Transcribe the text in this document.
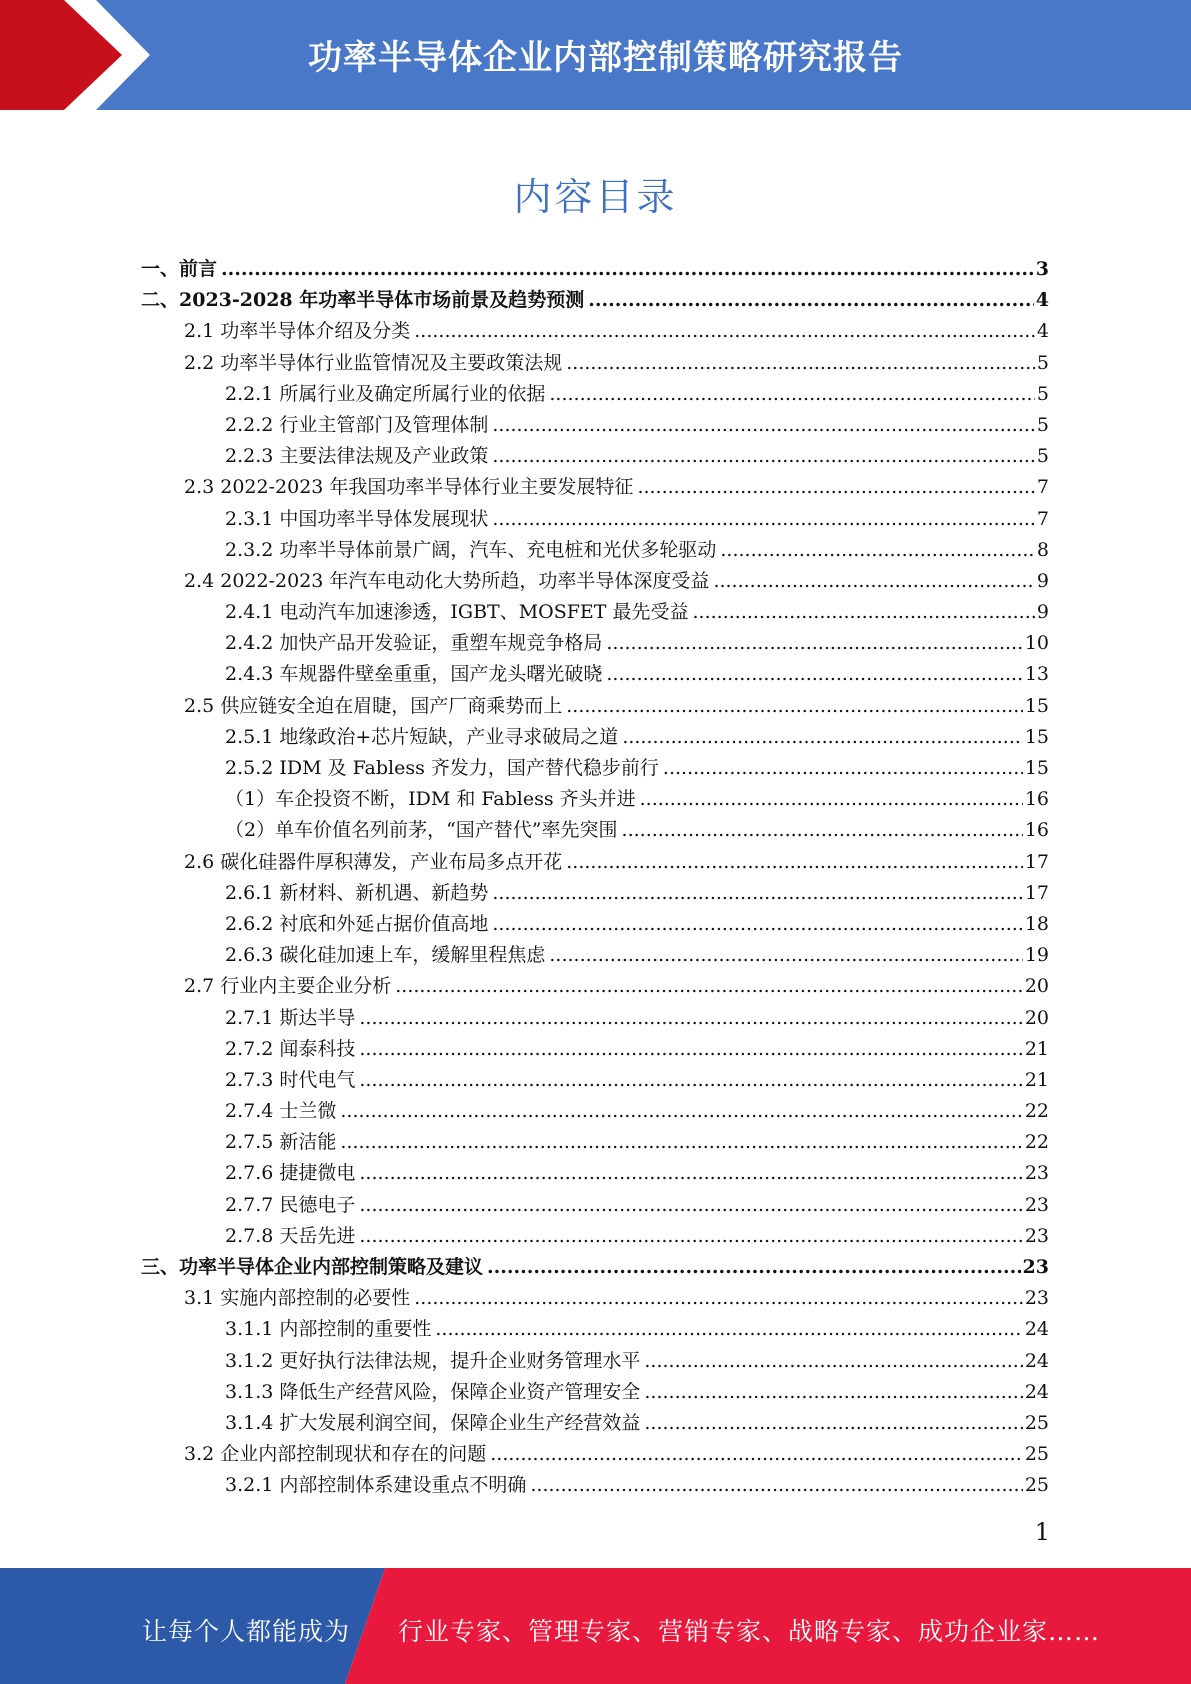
功率半导体企业内部控制策略研究报告
内容目录
一、前言 .....	3
二、2023-2028 年功率半导体市场前景及趋势预测 .....	4
2.1 功率半导体介绍及分类 .....	4
2.2 功率半导体行业监管情况及主要政策法规 .....	5
2.2.1 所属行业及确定所属行业的依据 .....	5
2.2.2 行业主管部门及管理体制 .....	5
2.2.3 主要法律法规及产业政策 .....	5
2.3 2022-2023 年我国功率半导体行业主要发展特征 .....	7
2.3.1 中国功率半导体发展现状 .....	7
2.3.2 功率半导体前景广阔，汽车、充电桩和光伏多轮驱动 .....	8
2.4 2022-2023 年汽车电动化大势所趋，功率半导体深度受益 .....	9
2.4.1 电动汽车加速渗透，IGBT、MOSFET 最先受益 .....	9
2.4.2 加快产品开发验证，重塑车规竞争格局 .....	10
2.4.3 车规器件壁垒重重，国产龙头曙光破晓 .....	13
2.5 供应链安全迫在眉睫，国产厂商乘势而上 .....	15
2.5.1 地缘政治+芯片短缺，产业寻求破局之道 .....	15
2.5.2 IDM 及 Fabless 齐发力，国产替代稳步前行 .....	15
（1）车企投资不断，IDM 和 Fabless 齐头并进 .....	16
（2）单车价值名列前茅，“国产替代”率先突围 .....	16
2.6 碳化硅器件厚积薄发，产业布局多点开花 .....	17
2.6.1 新材料、新机遇、新趋势 .....	17
2.6.2 衬底和外延占据价值高地 .....	18
2.6.3 碳化硅加速上车，缓解里程焦虑 .....	19
2.7 行业内主要企业分析 .....	20
2.7.1 斯达半导 .....	20
2.7.2 闻泰科技 .....	21
2.7.3 时代电气 .....	21
2.7.4 士兰微 .....	22
2.7.5 新洁能 .....	22
2.7.6 捷捷微电 .....	23
2.7.7 民德电子 .....	23
2.7.8 天岳先进 .....	23
三、功率半导体企业内部控制策略及建议 .....	23
3.1 实施内部控制的必要性 .....	23
3.1.1 内部控制的重要性 .....	24
3.1.2 更好执行法律法规，提升企业财务管理水平 .....	24
3.1.3 降低生产经营风险，保障企业资产管理安全 .....	24
3.1.4 扩大发展利润空间，保障企业生产经营效益 .....	25
3.2 企业内部控制现状和存在的问题 .....	25
3.2.1 内部控制体系建设重点不明确 .....	25
1
让每个人都能成为 行业专家、管理专家、营销专家、战略专家、成功企业家……
